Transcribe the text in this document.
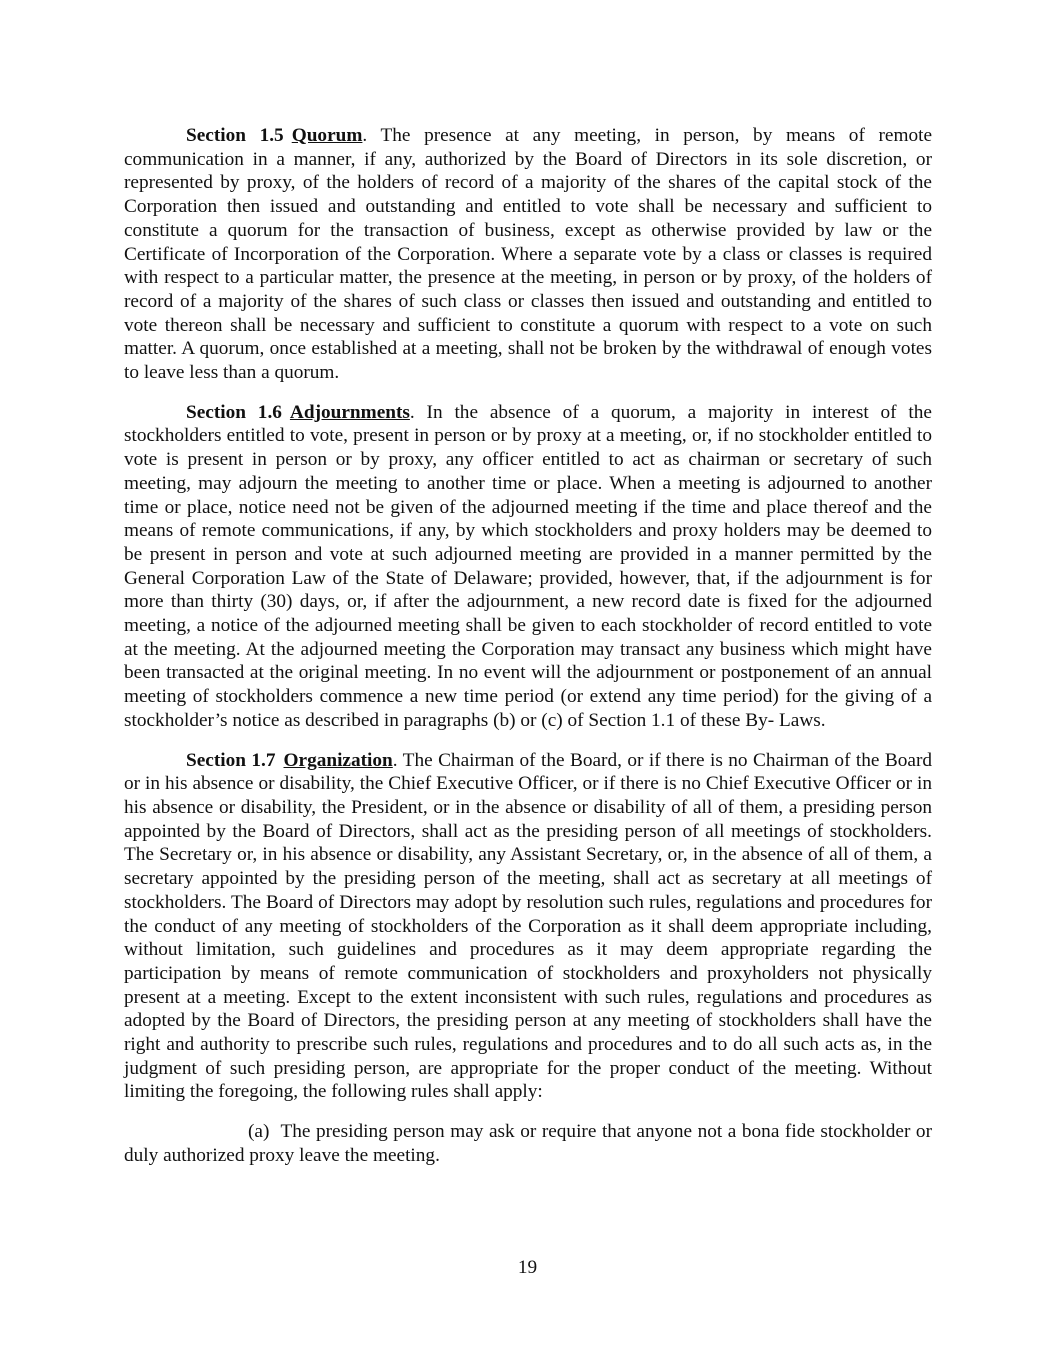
Section 1.5 Quorum. The presence at any meeting, in person, by means of remote communication in a manner, if any, authorized by the Board of Directors in its sole discretion, or represented by proxy, of the holders of record of a majority of the shares of the capital stock of the Corporation then issued and outstanding and entitled to vote shall be necessary and sufficient to constitute a quorum for the transaction of business, except as otherwise provided by law or the Certificate of Incorporation of the Corporation. Where a separate vote by a class or classes is required with respect to a particular matter, the presence at the meeting, in person or by proxy, of the holders of record of a majority of the shares of such class or classes then issued and outstanding and entitled to vote thereon shall be necessary and sufficient to constitute a quorum with respect to a vote on such matter. A quorum, once established at a meeting, shall not be broken by the withdrawal of enough votes to leave less than a quorum.

Section 1.6 Adjournments. In the absence of a quorum, a majority in interest of the stockholders entitled to vote, present in person or by proxy at a meeting, or, if no stockholder entitled to vote is present in person or by proxy, any officer entitled to act as chairman or secretary of such meeting, may adjourn the meeting to another time or place. When a meeting is adjourned to another time or place, notice need not be given of the adjourned meeting if the time and place thereof and the means of remote communications, if any, by which stockholders and proxy holders may be deemed to be present in person and vote at such adjourned meeting are provided in a manner permitted by the General Corporation Law of the State of Delaware; provided, however, that, if the adjournment is for more than thirty (30) days, or, if after the adjournment, a new record date is fixed for the adjourned meeting, a notice of the adjourned meeting shall be given to each stockholder of record entitled to vote at the meeting. At the adjourned meeting the Corporation may transact any business which might have been transacted at the original meeting. In no event will the adjournment or postponement of an annual meeting of stockholders commence a new time period (or extend any time period) for the giving of a stockholder’s notice as described in paragraphs (b) or (c) of Section 1.1 of these By- Laws.

Section 1.7 Organization. The Chairman of the Board, or if there is no Chairman of the Board or in his absence or disability, the Chief Executive Officer, or if there is no Chief Executive Officer or in his absence or disability, the President, or in the absence or disability of all of them, a presiding person appointed by the Board of Directors, shall act as the presiding person of all meetings of stockholders. The Secretary or, in his absence or disability, any Assistant Secretary, or, in the absence of all of them, a secretary appointed by the presiding person of the meeting, shall act as secretary at all meetings of stockholders. The Board of Directors may adopt by resolution such rules, regulations and procedures for the conduct of any meeting of stockholders of the Corporation as it shall deem appropriate including, without limitation, such guidelines and procedures as it may deem appropriate regarding the participation by means of remote communication of stockholders and proxyholders not physically present at a meeting. Except to the extent inconsistent with such rules, regulations and procedures as adopted by the Board of Directors, the presiding person at any meeting of stockholders shall have the right and authority to prescribe such rules, regulations and procedures and to do all such acts as, in the judgment of such presiding person, are appropriate for the proper conduct of the meeting. Without limiting the foregoing, the following rules shall apply:

(a) The presiding person may ask or require that anyone not a bona fide stockholder or duly authorized proxy leave the meeting.

19
